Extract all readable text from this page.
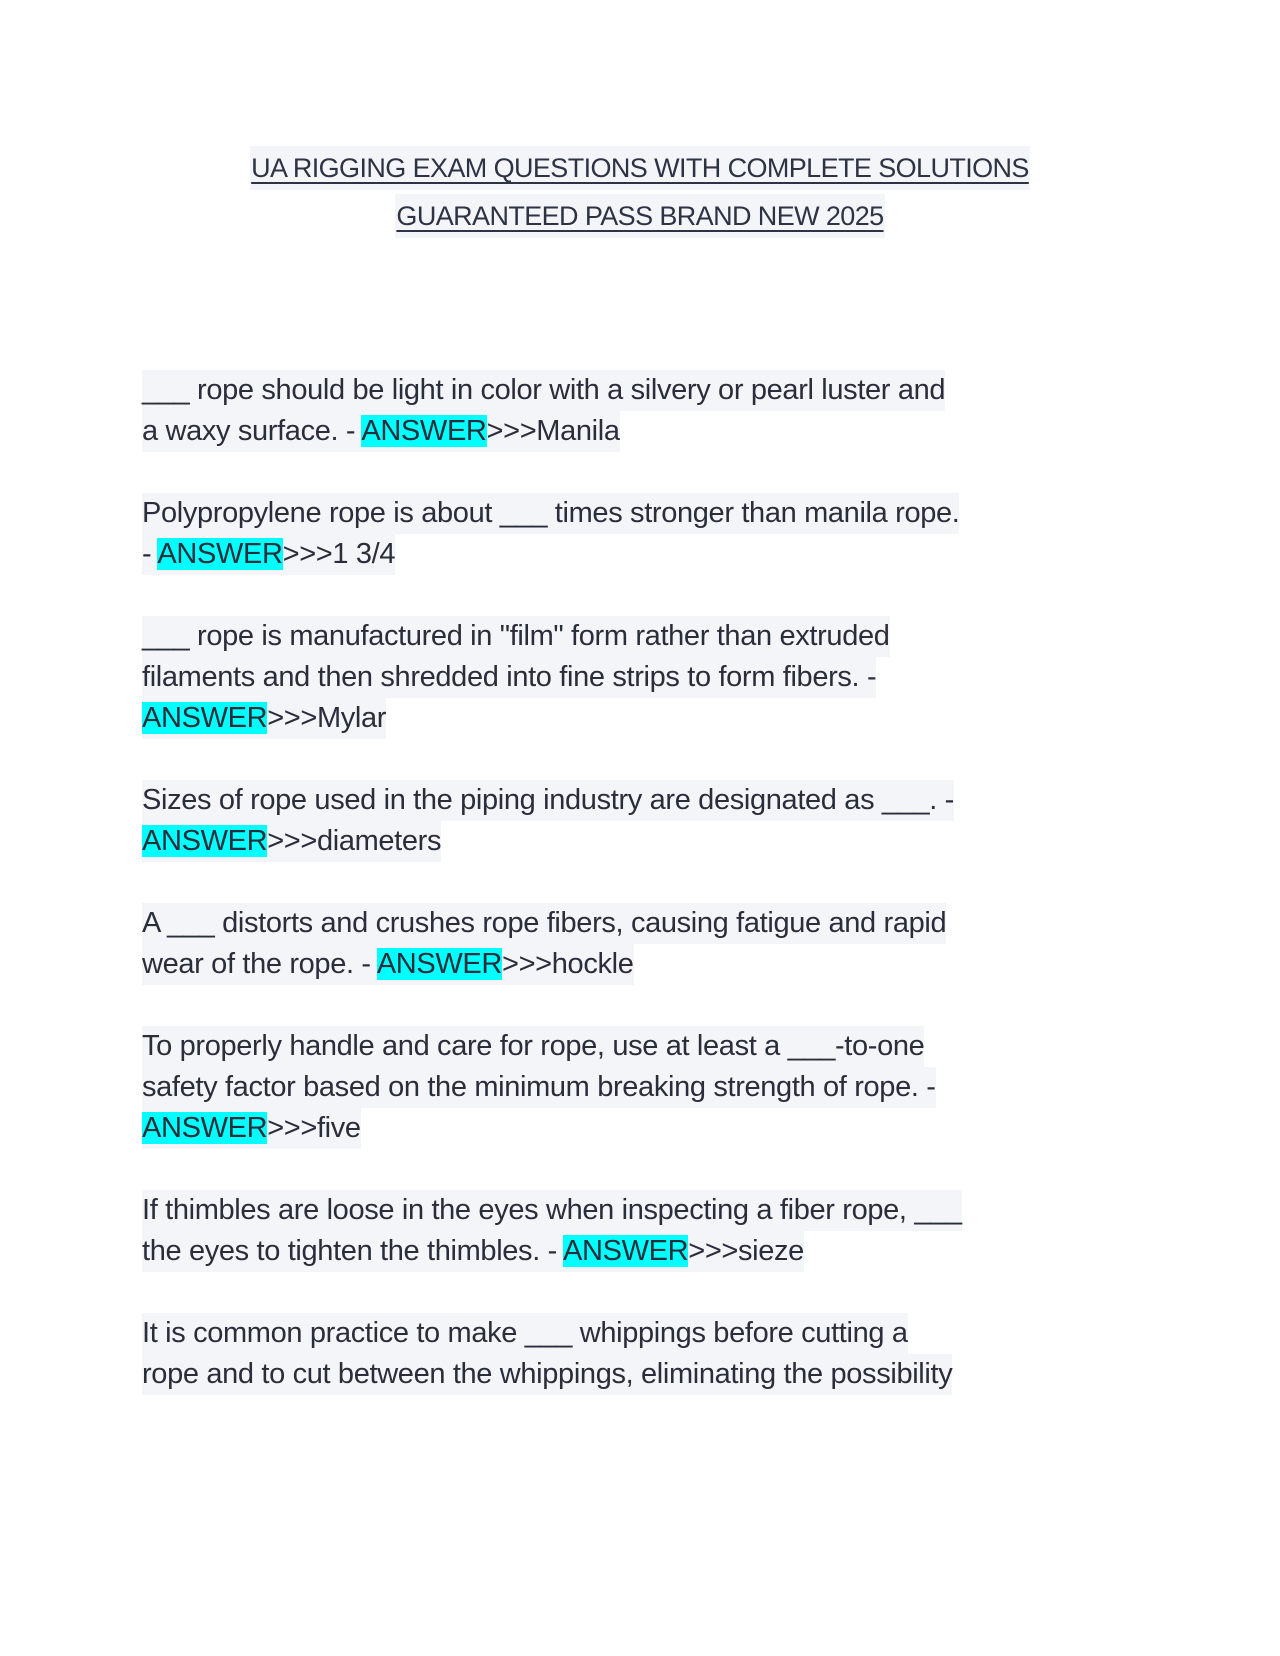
UA RIGGING EXAM QUESTIONS WITH COMPLETE SOLUTIONS
GUARANTEED PASS BRAND NEW 2025
___ rope should be light in color with a silvery or pearl luster and
a waxy surface. - ANSWER>>>Manila
Polypropylene rope is about ___ times stronger than manila rope.
- ANSWER>>>1 3/4
___ rope is manufactured in "film" form rather than extruded
filaments and then shredded into fine strips to form fibers. -
ANSWER>>>Mylar
Sizes of rope used in the piping industry are designated as ___. -
ANSWER>>>diameters
A ___ distorts and crushes rope fibers, causing fatigue and rapid
wear of the rope. - ANSWER>>>hockle
To properly handle and care for rope, use at least a ___-to-one
safety factor based on the minimum breaking strength of rope. -
ANSWER>>>five
If thimbles are loose in the eyes when inspecting a fiber rope, ___
the eyes to tighten the thimbles. - ANSWER>>>sieze
It is common practice to make ___ whippings before cutting a
rope and to cut between the whippings, eliminating the possibility
